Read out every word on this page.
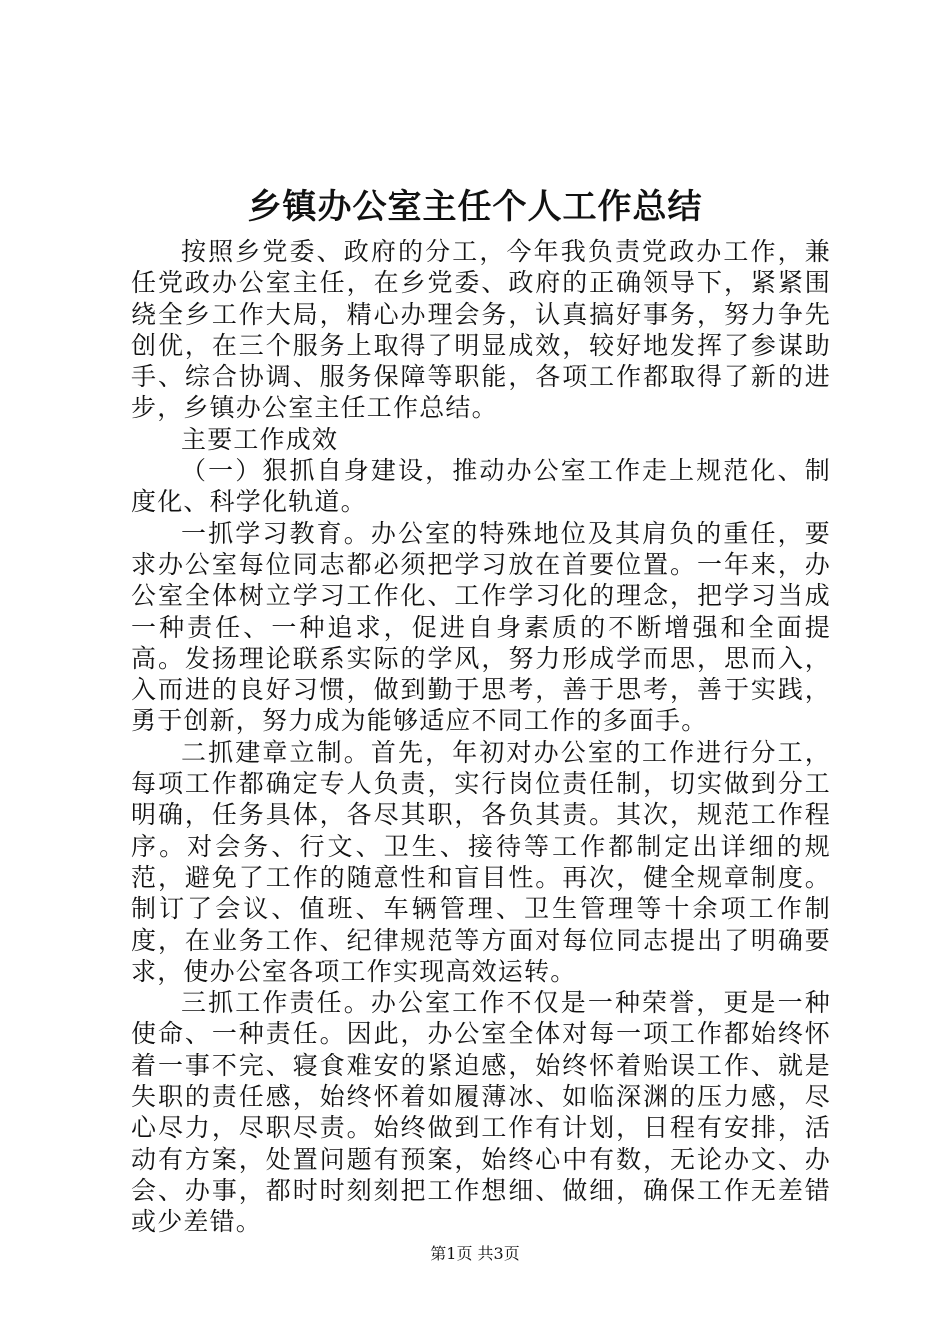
乡镇办公室主任个人工作总结

按照乡党委、政府的分工，今年我负责党政办工作，兼任党政办公室主任，在乡党委、政府的正确领导下，紧紧围绕全乡工作大局，精心办理会务，认真搞好事务，努力争先创优，在三个服务上取得了明显成效，较好地发挥了参谋助手、综合协调、服务保障等职能，各项工作都取得了新的进步，乡镇办公室主任工作总结。

主要工作成效

（一）狠抓自身建设，推动办公室工作走上规范化、制度化、科学化轨道。

一抓学习教育。办公室的特殊地位及其肩负的重任，要求办公室每位同志都必须把学习放在首要位置。一年来，办公室全体树立学习工作化、工作学习化的理念，把学习当成一种责任、一种追求，促进自身素质的不断增强和全面提高。发扬理论联系实际的学风，努力形成学而思，思而入，入而进的良好习惯，做到勤于思考，善于思考，善于实践，勇于创新，努力成为能够适应不同工作的多面手。

二抓建章立制。首先，年初对办公室的工作进行分工，每项工作都确定专人负责，实行岗位责任制，切实做到分工明确，任务具体，各尽其职，各负其责。其次，规范工作程序。对会务、行文、卫生、接待等工作都制定出详细的规范，避免了工作的随意性和盲目性。再次，健全规章制度。制订了会议、值班、车辆管理、卫生管理等十余项工作制度，在业务工作、纪律规范等方面对每位同志提出了明确要求，使办公室各项工作实现高效运转。

三抓工作责任。办公室工作不仅是一种荣誉，更是一种使命、一种责任。因此，办公室全体对每一项工作都始终怀着一事不完、寝食难安的紧迫感，始终怀着贻误工作、就是失职的责任感，始终怀着如履薄冰、如临深渊的压力感，尽心尽力，尽职尽责。始终做到工作有计划，日程有安排，活动有方案，处置问题有预案，始终心中有数，无论办文、办会、办事，都时时刻刻把工作想细、做细，确保工作无差错或少差错。

第1页 共3页
